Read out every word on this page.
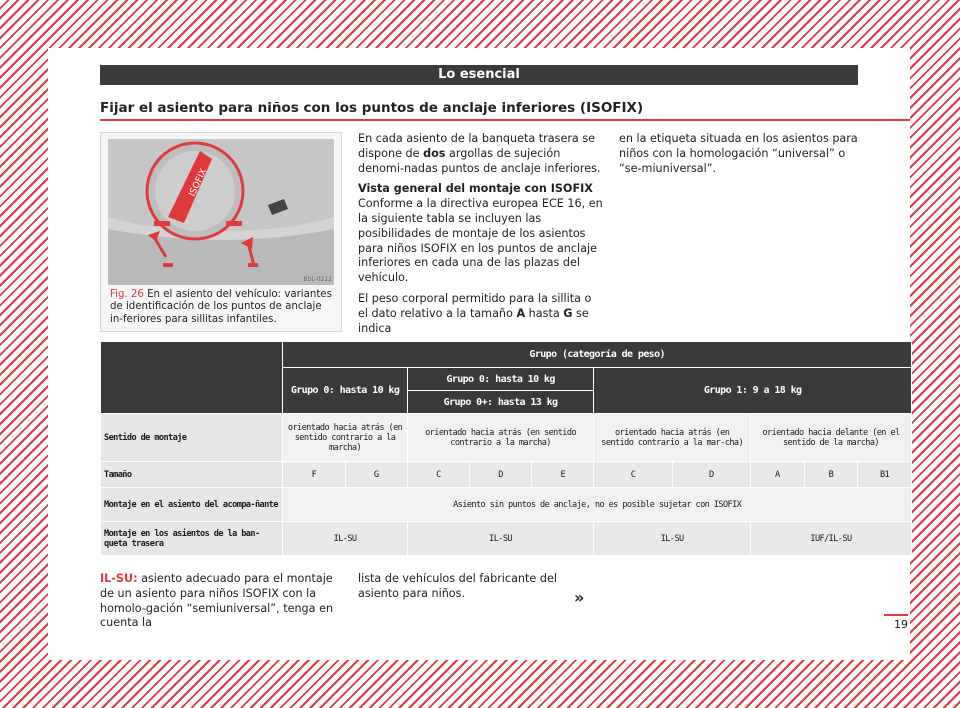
Lo esencial
Fijar el asiento para niños con los puntos de anclaje inferiores (ISOFIX)
ISOFIX
B5L-0212
Fig. 26 En el asiento del vehículo: variantes de identificación de los puntos de anclaje in-feriores para sillitas infantiles.

En cada asiento de la banqueta trasera se dispone de dos argollas de sujeción denomi-nadas puntos de anclaje inferiores.

Vista general del montaje con ISOFIX

Conforme a la directiva europea ECE 16, en la siguiente tabla se incluyen las posibilidades de montaje de los asientos para niños ISOFIX en los puntos de anclaje inferiores en cada una de las plazas del vehículo.

El peso corporal permitido para la sillita o el dato relativo a la tamaño A hasta G se indica

en la etiqueta situada en los asientos para niños con la homologación “universal” o “se-miuniversal”.

	Grupo (categoría de peso)									
	Grupo 0: hasta 10 kg		Grupo 0: hasta 10 kg			Grupo 1: 9 a 18 kg				
			Grupo 0+: hasta 13 kg							
Sentido de montaje	orientado hacia atrás (en sentido contrario a la marcha)		orientado hacia atrás (en sentido contrario a la marcha)			orientado hacia atrás (en sentido contrario a la mar-cha)		orientado hacia delante (en el sentido de la marcha)		
Tamaño	F	G	C	D	E	C	D	A	B	B1
Montaje en el asiento del acompa-ñante	Asiento sin puntos de anclaje, no es posible sujetar con ISOFIX									
Montaje en los asientos de la ban-queta trasera	IL-SU		IL-SU			IL-SU		IUF/IL-SU		
IL-SU: asiento adecuado para el montaje de un asiento para niños ISOFIX con la homolo-gación “semiuniversal”, tenga en cuenta la
lista de vehículos del fabricante del asiento para niños.	»
19
